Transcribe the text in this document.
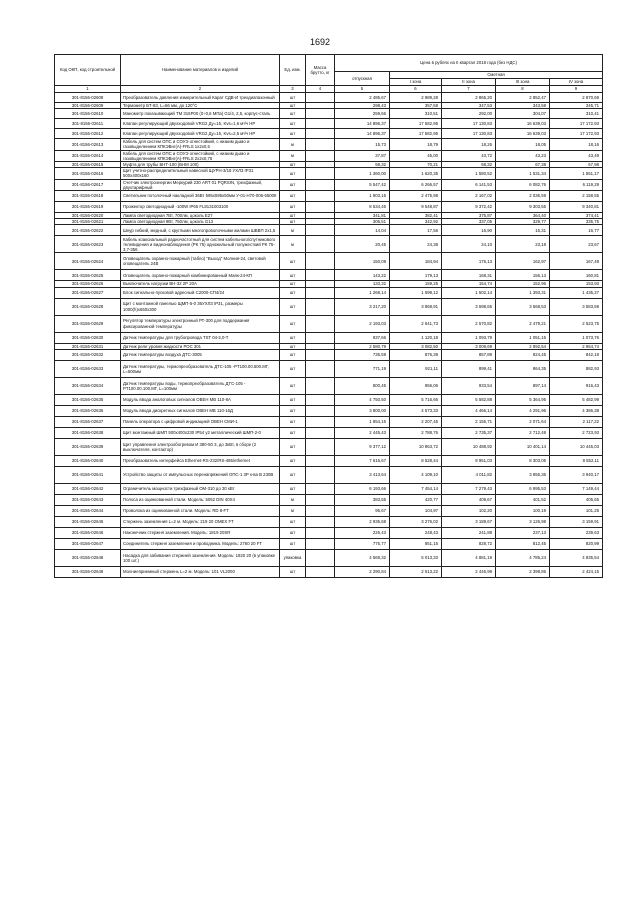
1692
Код ОКП, код строительной	Наименование материалов и изделий	Ед. изм.	Масса брутто, кг	Цена в рублях на II квартал 2018 года (без НДС)				
				отпускная	Сметная			
					I зона	II зона	III зона	IV зона
1	2	3	4	5	6	7	8	9
301-8156-02608	Преобразователь давления измерительный Карат СДВ-И трехдиапазонный	шт		2 485,67	2 989,28	2 865,20	2 852,47	2 870,69
301-8156-02609	Термометр БТ-83, L=66 мм, до 120°С	шт		298,43	357,68	347,53	343,58	345,71
301-8156-02610	Манометр показывающий ТМ 316Р00 (0÷0,6 МПа) G1/4, 2,5, корпус-сталь	шт		259,66	310,51	292,00	304,07	310,41
301-8156-02611	Клапан регулирующий двухходовой VRG2 Ду=15, Kvs=1,6 м³/ч НР	шт		14 896,37	17 582,95	17 130,83	16 639,03	17 172,93
301-8156-02612	Клапан регулирующий двухходовой VRG2 Ду=15, Kvs=2,5 м³/ч НР	шт		14 896,37	17 582,95	17 130,83	16 639,03	17 172,93
301-8156-02613	Кабель для систем ОПС и СОУЭ огнестойкий, с низким дымо и газовыделением КПКЭВнг(А)-FRLS 1x2x0,5	м		15,73	18,79	18,26	18,05	18,16
301-8156-02614	Кабель для систем ОПС и СОУЭ огнестойкий, с низким дымо и газовыделением КПКЭВнг(А)-FRLS 2x2x0,75	м		37,87	45,00	43,72	43,23	43,49
301-8156-02615	Муфта для трубы БНТ-100 (БНМ 100)	шт		59,32	70,21	68,32	67,38	67,98
301-8156-02616	Щит учетно-распределительный навесной ЩУРН-3/18 УХЛ3 IP31 500х400х160	шт		1 360,00	1 620,35	1 580,52	1 531,34	1 551,17
301-8156-02617	Счетчик электроэнергии Меркурий 230 ART 01 PQRSIN, трехфазный, двухтарифный	шт		5 547,42	6 266,57	6 141,53	6 082,76	6 119,29
301-8156-02618	Светильник потолочный накладной 36Вт 595х595х50мм У-01-Н70-006-6500К	шт		1 903,15	2 475,98	2 167,02	2 036,59	2 158,55
301-8156-02619	Прожектор светодиодный -100W IP65 FL8131003100	шт		8 534,46	9 548,87	9 372,42	9 303,55	9 340,81
301-8156-02620	Лампа светодиодная 7Вт, 700лм, цоколь E27	шт		341,81	382,41	375,87	364,40	374,41
301-8156-02621	Лампа светодиодная 9Вт, 750лм, цоколь G13	шт		306,51	342,92	337,05	329,77	335,75
301-8156-02622	Шнур гибкий, медный, с круглыми многопроволочными жилами ШВВП 2х1,5	м		14,04	17,56	16,90	15,31	16,77
301-8156-02623	Кабель коаксиальный радиочастотный для систем кабельного/спутникового телевидения и видеонаблюдения (РК 75) одножильный полужесткий РК 75-3,7-356	м		20,45	24,38	24,10	23,18	23,67
301-8156-02624	Оповещатель охранно-пожарный (табло) "Выход" Молния-24, световой оповещатель 24В	шт		150,09	184,94	175,13	162,97	167,49
301-8156-02625	Оповещатель охранно-пожарный комбинированный Маяк-24-КП	шт		143,22	179,13	168,31	156,13	160,81
301-8156-02626	Выключатель нагрузки ВН-32 2Р 20А	шт		133,32	159,25	154,74	152,96	153,93
301-8156-02627	Блок сигнально-пусковой адресный С2000-СП4/24	шт		1 268,14	1 599,12	1 502,14	1 393,31	1 435,27
301-8156-02628	Щит с монтажной панелью ЩМП-5-0 36УХЛ3 IP31, размеры 1000(h)х650х300	шт		3 217,20	3 868,91	3 598,65	3 568,53	3 583,59
301-8156-02629	Регулятор температуры электронный РТ-300 для поддержания фиксированной температуры	шт		2 193,03	2 641,73	2 570,82	2 479,21	2 523,75
301-8156-02630	Датчик температуры для трубопровода TST 04-2,0-T	шт		937,66	1 120,18	1 093,79	1 051,15	1 073,76
301-8156-02631	Датчик реле уровня жидкости РОС 301	шт		2 580,79	3 082,50	3 009,69	2 892,54	2 954,74
301-8156-02632	Датчик температуры воздуха ДТС-3005	шт		735,59	876,39	857,89	824,45	842,18
301-8156-02633	Датчик температуры, термопреобразователь ДТС-105 -PT100.00.500.МГ, L=500мм	шт		771,19	921,11	899,41	864,35	882,93
301-8156-02634	Датчик температуры воды, термопреобразователь ДТС-105 -PT100.00.100.МГ, L=100мм	шт		800,45	956,06	933,54	897,14	916,43
301-8156-02635	Модуль ввода аналоговых сигналов ОВЕН МВ 110-8А	шт		4 750,50	5 716,66	5 582,88	5 364,95	5 482,99
301-8156-02636	Модуль ввода дискретных сигналов ОВЕН МВ 110-16Д	шт		3 800,00	4 573,33	4 466,14	4 291,96	4 386,38
301-8156-02637	Панель оператора с цифровой индикацией ОВЕН СМИ-1	шт		1 854,15	2 207,45	2 155,71	2 071,64	2 117,22
301-8156-02638	Щит монтажный ШМП 500х400х230 IP54 у2 металлический ШМП-2-0	шт		2 445,43	2 788,76	2 735,37	2 712,48	2 723,93
301-8156-02639	Щит управления электрообогревом И 380-50 3, до 3кВт, в сборе (2 выключателя, контактор)	шт		9 377,12	10 863,72	10 488,92	10 401,14	10 445,03
301-8156-02640	Преобразователь интерфейса Ethernet-RS-232/RS-485/ethernet	шт		7 616,67	8 528,44	8 951,03	8 303,05	8 552,11
301-8156-02641	Устройство защиты от импульсных перенапряжений ОПС-1 3Р к-ва В 230В	шт		3 413,64	4 109,10	4 011,82	3 855,36	3 940,17
301-8156-02642	Ограничитель мощности трехфазный ОМ-310 до 30 кВт	шт		6 193,66	7 454,14	7 279,43	6 995,53	7 149,44
301-8156-02643	Полоса из оцинкованной стали. Модель: 5052 DIN 40Х4	м		383,55	420,77	409,67	401,52	405,65
301-8156-02644	Проволока из оцинкованной стали. Модель: RD 8-FT	м		95,67	104,97	102,20	100,19	101,25
301-8156-02645	Стержень заземления L=2 м. Модель: 219 20 OMEX FT	шт		2 935,68	3 276,02	3 189,67	3 126,98	3 159,91
301-8156-02646	Наконечник стержня заземления. Модель: 1819 20SR	шт		226,43	248,43	241,88	237,13	239,63
301-8156-02647	Соединитель стержня заземления и проводника. Модель: 2760 20 FT	шт		775,77	851,15	828,72	812,45	820,99
301-8156-02648	Насадка для забивания стержней заземления. Модель: 1820 20 (в упаковке 100 шт.)	упаковка		4 569,32	5 013,33	4 881,19	4 785,24	4 835,54
301-8156-02649	Молниеприемный стержень L=2 м. Модель: 101 VL2000	шт		2 290,84	2 513,22	2 446,99	2 398,86	2 424,15
